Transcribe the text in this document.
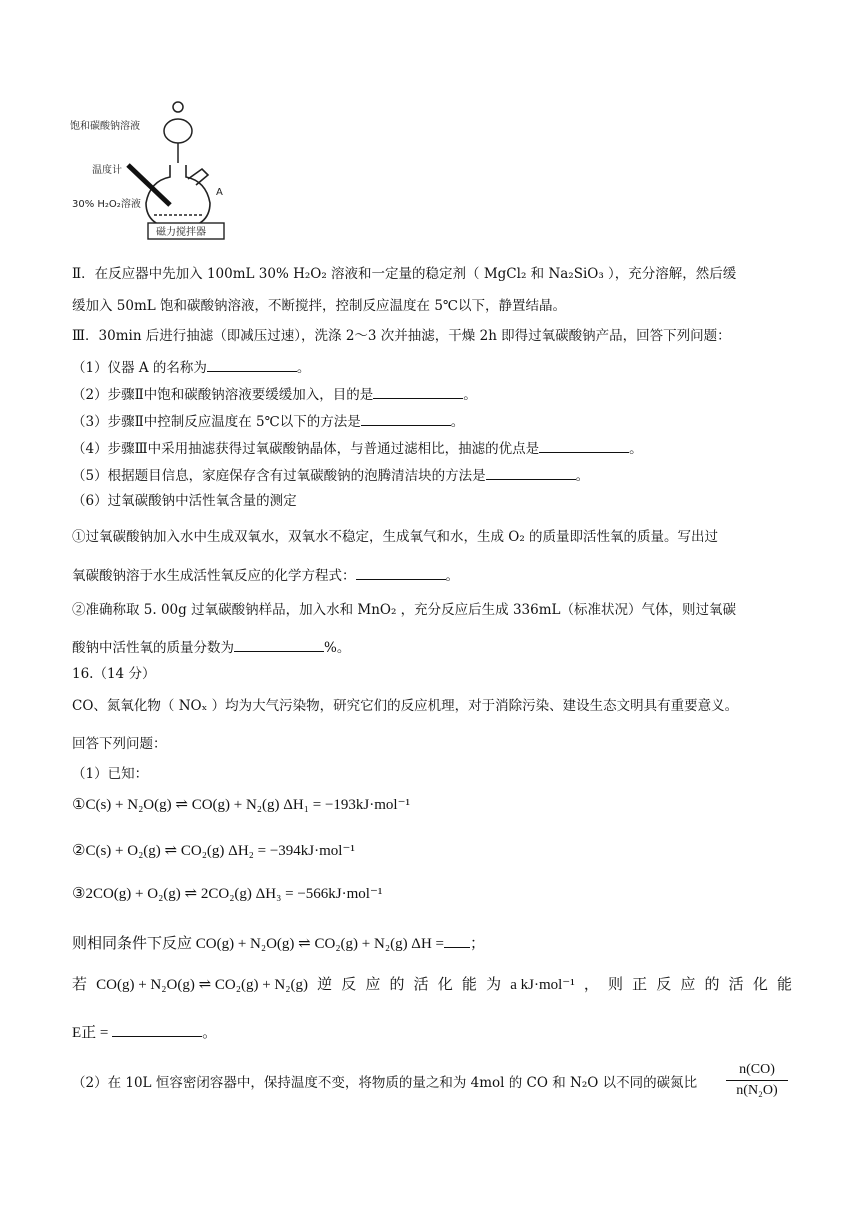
饱和碳酸钠溶液
温度计
30% H₂O₂溶液
A
磁力搅拌器
Ⅱ．在反应器中先加入 100mL 30% H₂O₂ 溶液和一定量的稳定剂（ MgCl₂ 和 Na₂SiO₃ ），充分溶解，然后缓
缓加入 50mL 饱和碳酸钠溶液，不断搅拌，控制反应温度在 5℃以下，静置结晶。
Ⅲ．30min 后进行抽滤（即减压过速），洗涤 2～3 次并抽滤，干燥 2h 即得过氧碳酸钠产品，回答下列问题：
（1）仪器 A 的名称为	。
（2）步骤Ⅱ中饱和碳酸钠溶液要缓缓加入，目的是	。
（3）步骤Ⅱ中控制反应温度在 5℃以下的方法是	。
（4）步骤Ⅲ中采用抽滤获得过氧碳酸钠晶体，与普通过滤相比，抽滤的优点是	。
（5）根据题目信息，家庭保存含有过氧碳酸钠的泡腾清洁块的方法是	。
（6）过氧碳酸钠中活性氧含量的测定
①过氧碳酸钠加入水中生成双氧水，双氧水不稳定，生成氧气和水，生成 O₂ 的质量即活性氧的质量。写出过
氧碳酸钠溶于水生成活性氧反应的化学方程式：	。
②准确称取 5. 00g 过氧碳酸钠样品，加入水和 MnO₂ ，充分反应后生成 336mL（标准状况）气体，则过氧碳
酸钠中活性氧的质量分数为	%。
16.（14 分）
CO、氮氧化物（ NOₓ ）均为大气污染物，研究它们的反应机理，对于消除污染、建设生态文明具有重要意义。
回答下列问题：
（1）已知：
①C(s) + N₂O(g) ⇌ CO(g) + N₂(g) ΔH₁ = −193kJ·mol⁻¹
②C(s) + O₂(g) ⇌ CO₂(g) ΔH₂ = −394kJ·mol⁻¹
③2CO(g) + O₂(g) ⇌ 2CO₂(g) ΔH₃ = −566kJ·mol⁻¹
则相同条件下反应 CO(g) + N₂O(g) ⇌ CO₂(g) + N₂(g) ΔH = ；
若 CO(g) + N₂O(g) ⇌ CO₂(g) + N₂(g) 逆 反 应 的 活 化 能 为 a kJ·mol⁻¹ ， 则 正 反 应 的 活 化 能
E正 =	。
（2）在 10L 恒容密闭容器中，保持温度不变，将物质的量之和为 4mol 的 CO 和 N₂O 以不同的碳氮比
n(CO)
n(N₂O)
